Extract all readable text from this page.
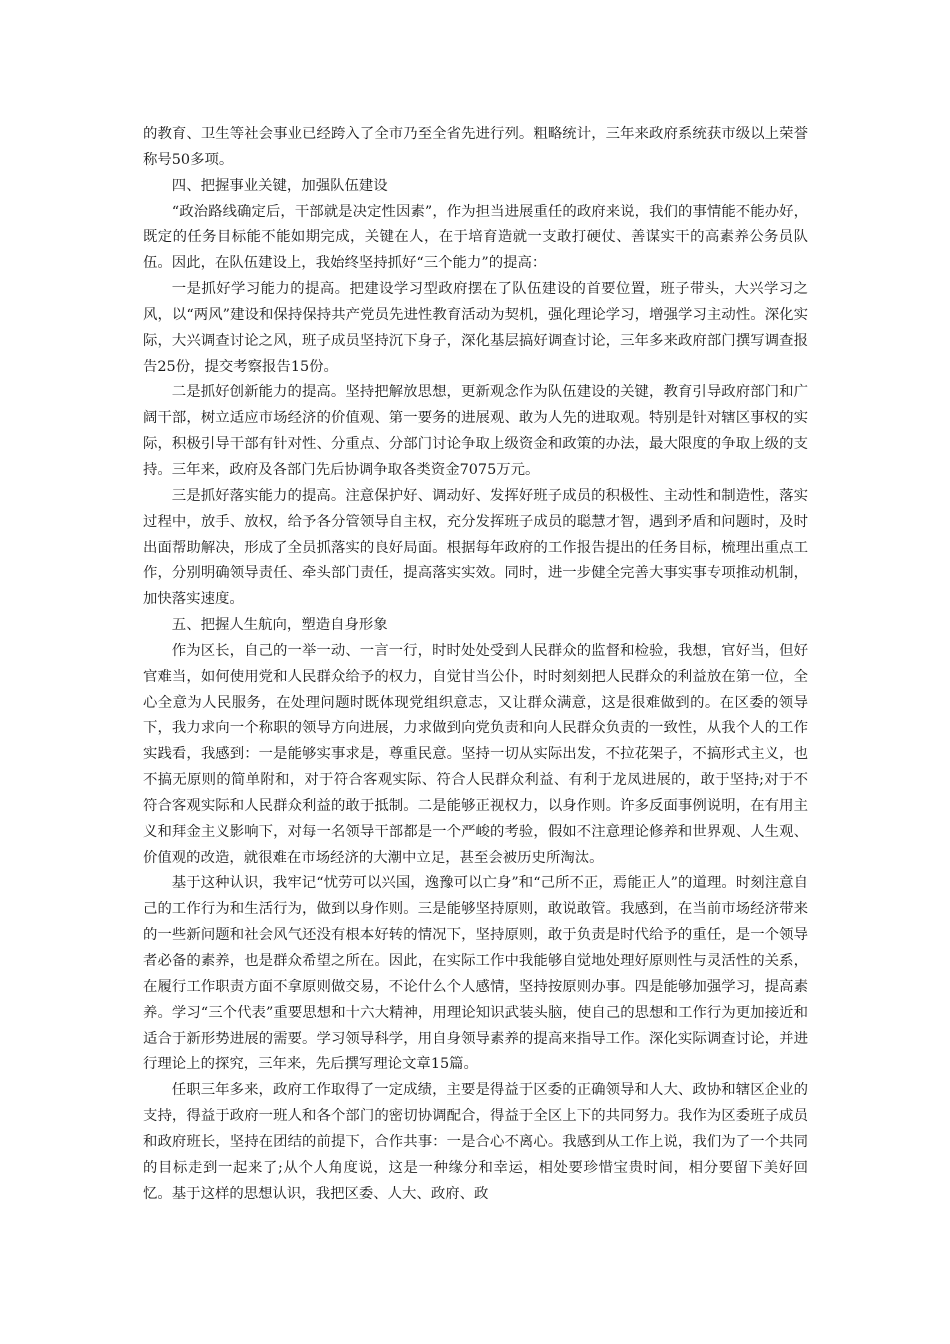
的教育、卫生等社会事业已经跨入了全市乃至全省先进行列。粗略统计，三年来政府系统获市级以上荣誉称号50多项。

四、把握事业关键，加强队伍建设

“政治路线确定后，干部就是决定性因素”，作为担当进展重任的政府来说，我们的事情能不能办好，既定的任务目标能不能如期完成，关键在人，在于培育造就一支敢打硬仗、善谋实干的高素养公务员队伍。因此，在队伍建设上，我始终坚持抓好“三个能力”的提高：

一是抓好学习能力的提高。把建设学习型政府摆在了队伍建设的首要位置，班子带头，大兴学习之风，以“两风”建设和保持保持共产党员先进性教育活动为契机，强化理论学习，增强学习主动性。深化实际，大兴调查讨论之风，班子成员坚持沉下身子，深化基层搞好调查讨论，三年多来政府部门撰写调查报告25份，提交考察报告15份。

二是抓好创新能力的提高。坚持把解放思想，更新观念作为队伍建设的关键，教育引导政府部门和广阔干部，树立适应市场经济的价值观、第一要务的进展观、敢为人先的进取观。特别是针对辖区事权的实际，积极引导干部有针对性、分重点、分部门讨论争取上级资金和政策的办法，最大限度的争取上级的支持。三年来，政府及各部门先后协调争取各类资金7075万元。

三是抓好落实能力的提高。注意保护好、调动好、发挥好班子成员的积极性、主动性和制造性，落实过程中，放手、放权，给予各分管领导自主权，充分发挥班子成员的聪慧才智，遇到矛盾和问题时，及时出面帮助解决，形成了全员抓落实的良好局面。根据每年政府的工作报告提出的任务目标，梳理出重点工作，分别明确领导责任、牵头部门责任，提高落实实效。同时，进一步健全完善大事实事专项推动机制，加快落实速度。

五、把握人生航向，塑造自身形象

作为区长，自己的一举一动、一言一行，时时处处受到人民群众的监督和检验，我想，官好当，但好官难当，如何使用党和人民群众给予的权力，自觉甘当公仆，时时刻刻把人民群众的利益放在第一位，全心全意为人民服务，在处理问题时既体现党组织意志，又让群众满意，这是很难做到的。在区委的领导下，我力求向一个称职的领导方向进展，力求做到向党负责和向人民群众负责的一致性，从我个人的工作实践看，我感到：一是能够实事求是，尊重民意。坚持一切从实际出发，不拉花架子，不搞形式主义，也不搞无原则的简单附和，对于符合客观实际、符合人民群众利益、有利于龙凤进展的，敢于坚持;对于不符合客观实际和人民群众利益的敢于抵制。二是能够正视权力，以身作则。许多反面事例说明，在有用主义和拜金主义影响下，对每一名领导干部都是一个严峻的考验，假如不注意理论修养和世界观、人生观、价值观的改造，就很难在市场经济的大潮中立足，甚至会被历史所淘汰。

基于这种认识，我牢记“忧劳可以兴国，逸豫可以亡身”和“己所不正，焉能正人”的道理。时刻注意自己的工作行为和生活行为，做到以身作则。三是能够坚持原则，敢说敢管。我感到，在当前市场经济带来的一些新问题和社会风气还没有根本好转的情况下，坚持原则，敢于负责是时代给予的重任，是一个领导者必备的素养，也是群众希望之所在。因此，在实际工作中我能够自觉地处理好原则性与灵活性的关系，在履行工作职责方面不拿原则做交易，不论什么个人感情，坚持按原则办事。四是能够加强学习，提高素养。学习“三个代表”重要思想和十六大精神，用理论知识武装头脑，使自己的思想和工作行为更加接近和适合于新形势进展的需要。学习领导科学，用自身领导素养的提高来指导工作。深化实际调查讨论，并进行理论上的探究，三年来，先后撰写理论文章15篇。

任职三年多来，政府工作取得了一定成绩，主要是得益于区委的正确领导和人大、政协和辖区企业的支持，得益于政府一班人和各个部门的密切协调配合，得益于全区上下的共同努力。我作为区委班子成员和政府班长，坚持在团结的前提下，合作共事：一是合心不离心。我感到从工作上说，我们为了一个共同的目标走到一起来了;从个人角度说，这是一种缘分和幸运，相处要珍惜宝贵时间，相分要留下美好回忆。基于这样的思想认识，我把区委、人大、政府、政
